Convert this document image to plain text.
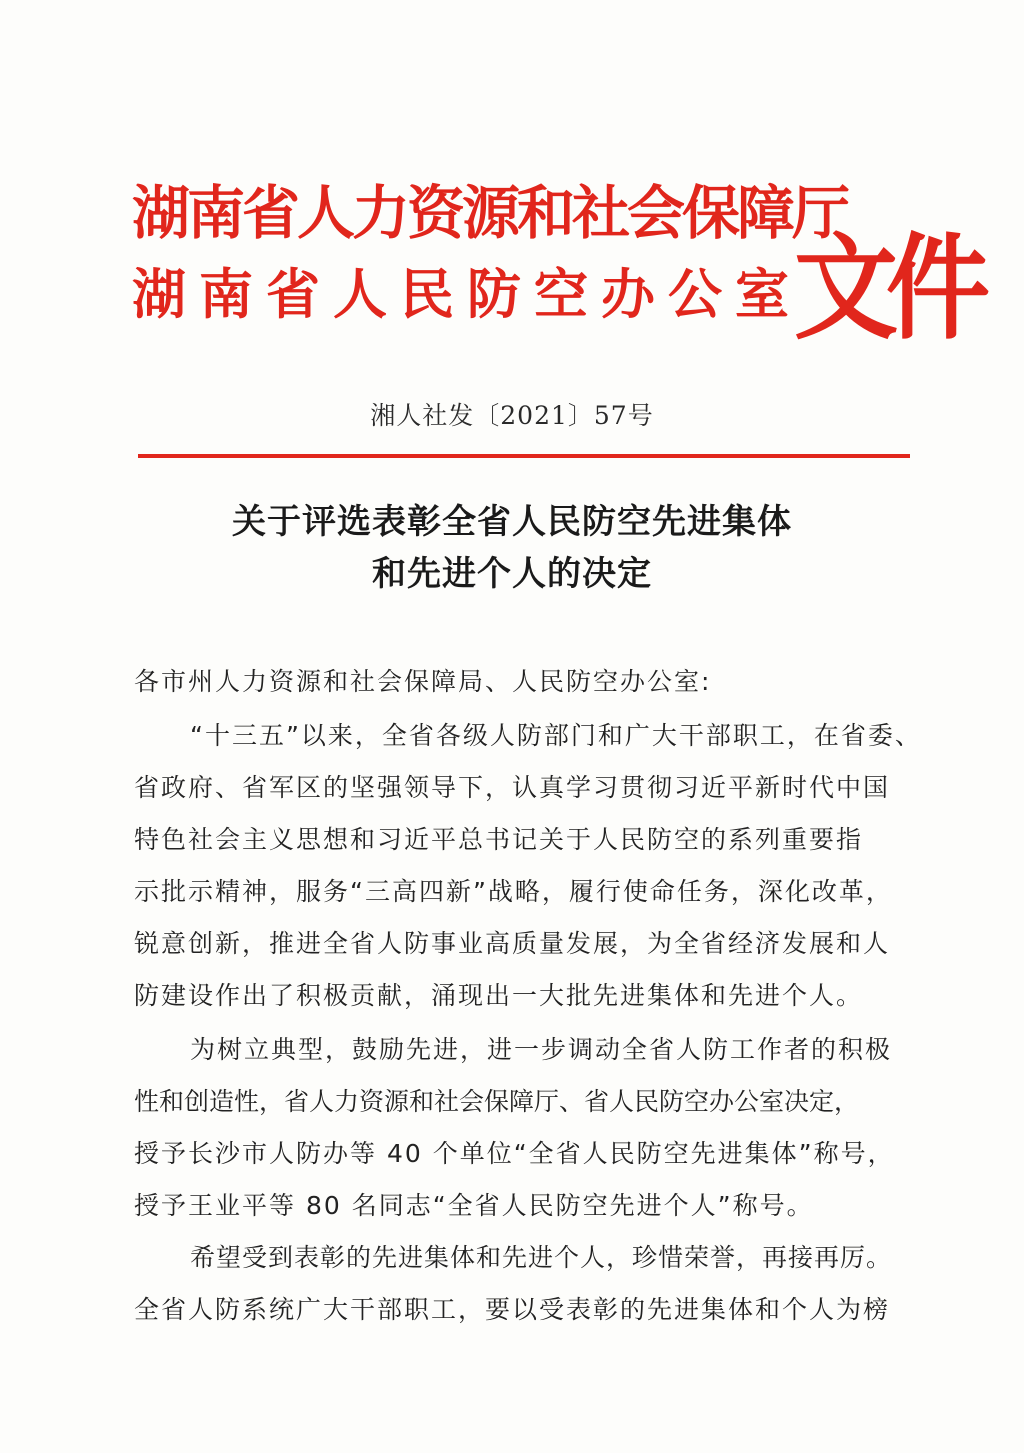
湖南省人力资源和社会保障厅
湖南省人民防空办公室
文件
湘人社发〔2021〕57号
关于评选表彰全省人民防空先进集体
和先进个人的决定
各市州人力资源和社会保障局、人民防空办公室:
“十三五”以来，全省各级人防部门和广大干部职工，在省委、
省政府、省军区的坚强领导下，认真学习贯彻习近平新时代中国
特色社会主义思想和习近平总书记关于人民防空的系列重要指
示批示精神，服务“三高四新”战略，履行使命任务，深化改革，
锐意创新，推进全省人防事业高质量发展，为全省经济发展和人
防建设作出了积极贡献，涌现出一大批先进集体和先进个人。
为树立典型，鼓励先进，进一步调动全省人防工作者的积极
性和创造性，省人力资源和社会保障厅、省人民防空办公室决定，
授予长沙市人防办等 40 个单位“全省人民防空先进集体”称号，
授予王业平等 80 名同志“全省人民防空先进个人”称号。
希望受到表彰的先进集体和先进个人，珍惜荣誉，再接再厉。
全省人防系统广大干部职工，要以受表彰的先进集体和个人为榜
